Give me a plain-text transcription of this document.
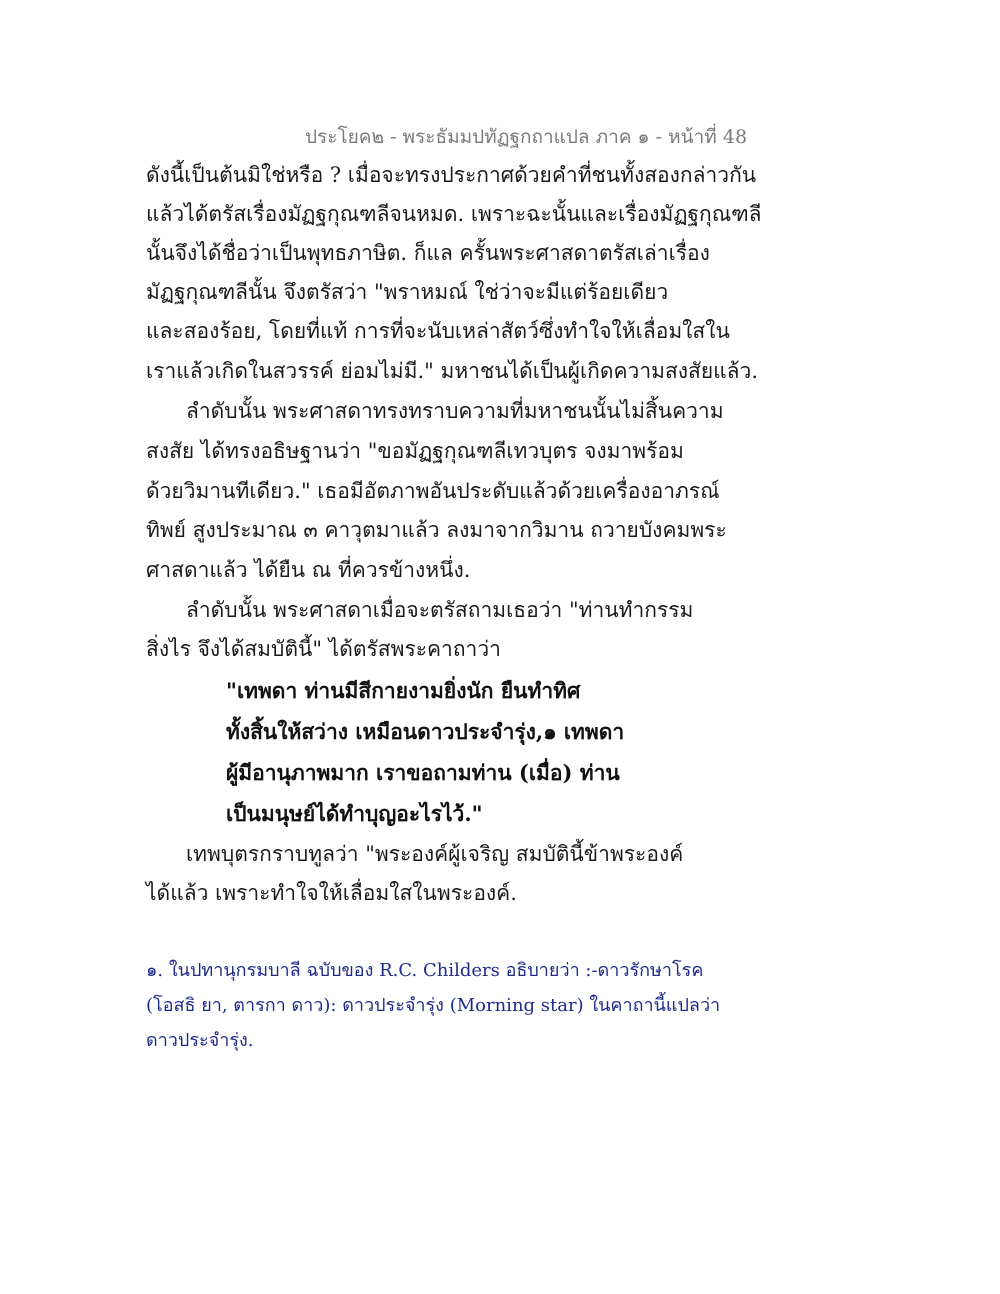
ประโยค๒ - พระธัมมปทัฏฐกถาแปล ภาค ๑ - หน้าที่ 48
ดังนี้เป็นต้นมิใช่หรือ ? เมื่อจะทรงประกาศด้วยคำที่ชนทั้งสองกล่าวกัน
แล้วได้ตรัสเรื่องมัฏฐกุณฑลีจนหมด. เพราะฉะนั้นและเรื่องมัฏฐกุณฑลี
นั้นจึงได้ชื่อว่าเป็นพุทธภาษิต. ก็แล ครั้นพระศาสดาตรัสเล่าเรื่อง
มัฏฐกุณฑลีนั้น จึงตรัสว่า "พราหมณ์ ใช่ว่าจะมีแต่ร้อยเดียว
และสองร้อย, โดยที่แท้ การที่จะนับเหล่าสัตว์ซึ่งทำใจให้เลื่อมใสใน
เราแล้วเกิดในสวรรค์ ย่อมไม่มี." มหาชนได้เป็นผู้เกิดความสงสัยแล้ว.
ลำดับนั้น พระศาสดาทรงทราบความที่มหาชนนั้นไม่สิ้นความ
สงสัย ได้ทรงอธิษฐานว่า "ขอมัฏฐกุณฑลีเทวบุตร จงมาพร้อม
ด้วยวิมานทีเดียว." เธอมีอัตภาพอันประดับแล้วด้วยเครื่องอาภรณ์
ทิพย์ สูงประมาณ ๓ คาวุตมาแล้ว ลงมาจากวิมาน ถวายบังคมพระ
ศาสดาแล้ว ได้ยืน ณ ที่ควรข้างหนึ่ง.
ลำดับนั้น พระศาสดาเมื่อจะตรัสถามเธอว่า "ท่านทำกรรม
สิ่งไร จึงได้สมบัตินี้" ได้ตรัสพระคาถาว่า
"เทพดา ท่านมีสีกายงามยิ่งนัก ยืนทำทิศ
ทั้งสิ้นให้สว่าง เหมือนดาวประจำรุ่ง,๑ เทพดา
ผู้มีอานุภาพมาก เราขอถามท่าน (เมื่อ) ท่าน
เป็นมนุษย์ได้ทำบุญอะไรไว้."
เทพบุตรกราบทูลว่า "พระองค์ผู้เจริญ สมบัตินี้ข้าพระองค์
ได้แล้ว เพราะทำใจให้เลื่อมใสในพระองค์.
๑. ในปทานุกรมบาลี ฉบับของ R.C. Childers อธิบายว่า :-ดาวรักษาโรค
(โอสธิ ยา, ตารกา ดาว): ดาวประจำรุ่ง (Morning star) ในคาถานี้แปลว่า
ดาวประจำรุ่ง.
